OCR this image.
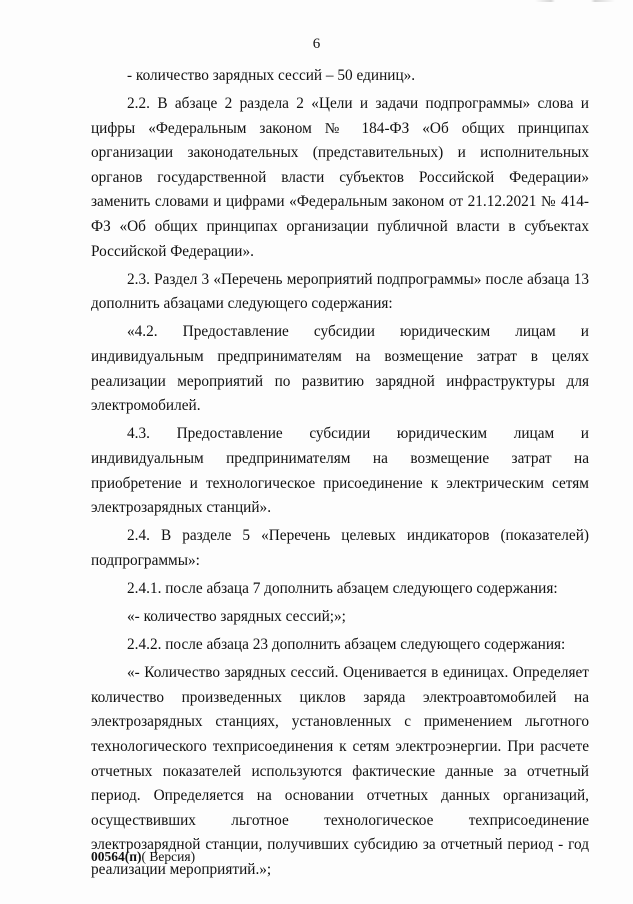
6

- количество зарядных сессий – 50 единиц».

2.2. В абзаце 2 раздела 2 «Цели и задачи подпрограммы» слова и цифры «Федеральным законом № 184-ФЗ «Об общих принципах организации законодательных (представительных) и исполнительных органов государственной власти субъектов Российской Федерации» заменить словами и цифрами «Федеральным законом от 21.12.2021 № 414-ФЗ «Об общих принципах организации публичной власти в субъектах Российской Федерации».

2.3. Раздел 3 «Перечень мероприятий подпрограммы» после абзаца 13 дополнить абзацами следующего содержания:

«4.2. Предоставление субсидии юридическим лицам и индивидуальным предпринимателям на возмещение затрат в целях реализации мероприятий по развитию зарядной инфраструктуры для электромобилей.

4.3. Предоставление субсидии юридическим лицам и индивидуальным предпринимателям на возмещение затрат на приобретение и технологическое присоединение к электрическим сетям электрозарядных станций».

2.4. В разделе 5 «Перечень целевых индикаторов (показателей) подпрограммы»:

2.4.1. после абзаца 7 дополнить абзацем следующего содержания:

«- количество зарядных сессий;»;

2.4.2. после абзаца 23 дополнить абзацем следующего содержания:

«- Количество зарядных сессий. Оценивается в единицах. Определяет количество произведенных циклов заряда электроавтомобилей на электрозарядных станциях, установленных с применением льготного технологического техприсоединения к сетям электроэнергии. При расчете отчетных показателей используются фактические данные за отчетный период. Определяется на основании отчетных данных организаций, осуществивших льготное технологическое техприсоединение электрозарядной станции, получивших субсидию за отчетный период - год реализации мероприятий.»;

00564(п)( Версия)
